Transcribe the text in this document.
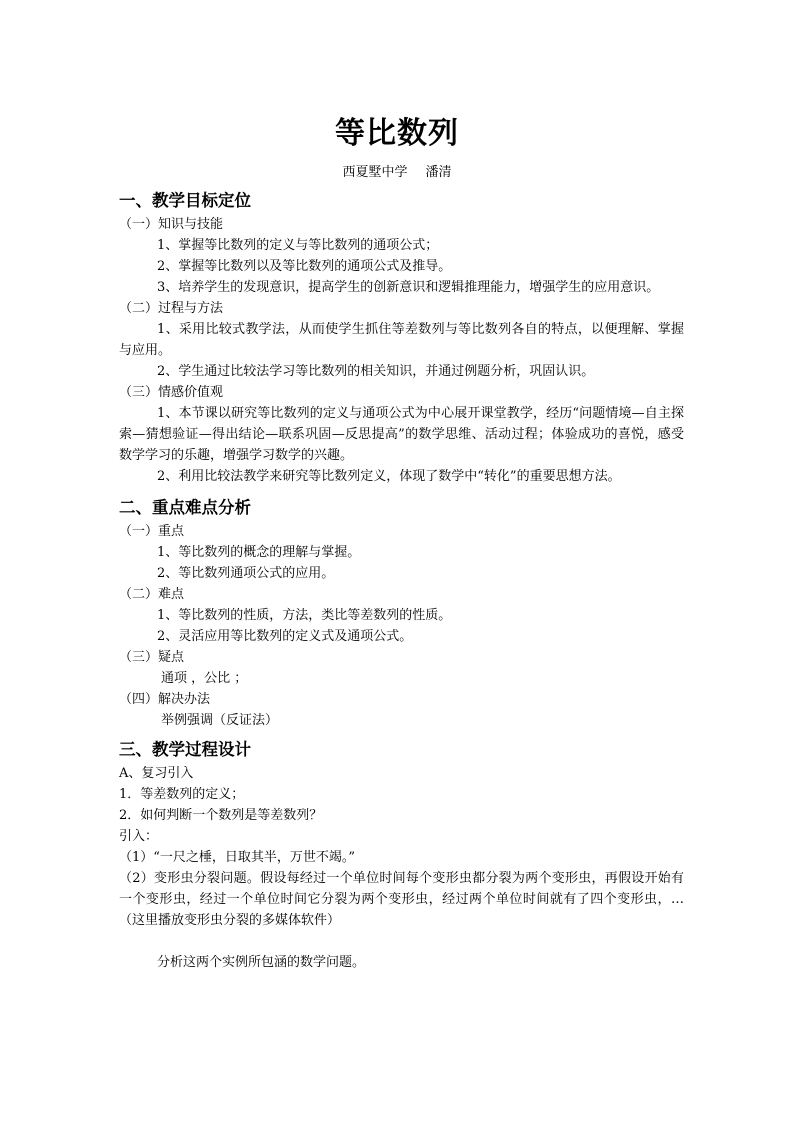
等比数列
西夏墅中学 潘清
一、教学目标定位

（一）知识与技能

1、掌握等比数列的定义与等比数列的通项公式；

2、掌握等比数列以及等比数列的通项公式及推导。

3、培养学生的发现意识，提高学生的创新意识和逻辑推理能力，增强学生的应用意识。

（二）过程与方法

1、采用比较式教学法，从而使学生抓住等差数列与等比数列各自的特点，以便理解、掌握与应用。

2、学生通过比较法学习等比数列的相关知识，并通过例题分析，巩固认识。

（三）情感价值观

1、本节课以研究等比数列的定义与通项公式为中心展开课堂教学，经历“问题情境—自主探索—猜想验证—得出结论—联系巩固—反思提高”的数学思维、活动过程；体验成功的喜悦，感受数学学习的乐趣，增强学习数学的兴趣。

2、利用比较法教学来研究等比数列定义，体现了数学中“转化”的重要思想方法。

二、重点难点分析

（一）重点

1、等比数列的概念的理解与掌握。

2、等比数列通项公式的应用。

（二）难点

1、等比数列的性质，方法，类比等差数列的性质。

2、灵活应用等比数列的定义式及通项公式。

（三）疑点

通项 ，公比 ；

（四）解决办法

举例强调（反证法）

三、教学过程设计

A、复习引入

1．等差数列的定义；

2．如何判断一个数列是等差数列？

引入：

（1）“一尺之棰，日取其半，万世不竭。”

（2）变形虫分裂问题。假设每经过一个单位时间每个变形虫都分裂为两个变形虫，再假设开始有一个变形虫，经过一个单位时间它分裂为两个变形虫，经过两个单位时间就有了四个变形虫，…（这里播放变形虫分裂的多媒体软件）

分析这两个实例所包涵的数学问题。
